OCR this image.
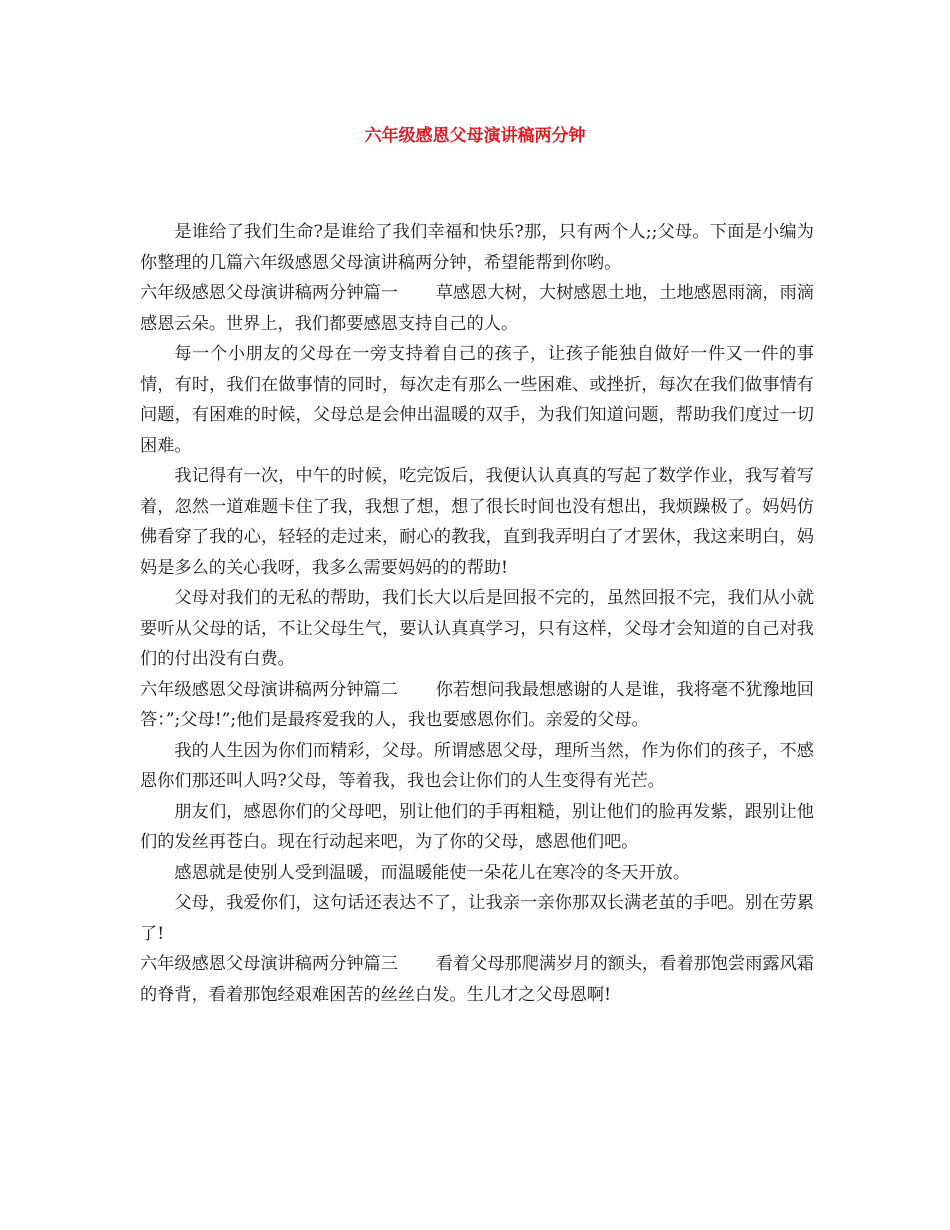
六年级感恩父母演讲稿两分钟

是谁给了我们生命?是谁给了我们幸福和快乐?那，只有两个人;;父母。下面是小编为你整理的几篇六年级感恩父母演讲稿两分钟，希望能帮到你哟。

六年级感恩父母演讲稿两分钟篇一 草感恩大树，大树感恩土地，土地感恩雨滴，雨滴感恩云朵。世界上，我们都要感恩支持自己的人。

每一个小朋友的父母在一旁支持着自己的孩子，让孩子能独自做好一件又一件的事情，有时，我们在做事情的同时，每次走有那么一些困难、或挫折，每次在我们做事情有问题，有困难的时候，父母总是会伸出温暖的双手，为我们知道问题，帮助我们度过一切困难。

我记得有一次，中午的时候，吃完饭后，我便认认真真的写起了数学作业，我写着写着，忽然一道难题卡住了我，我想了想，想了很长时间也没有想出，我烦躁极了。妈妈仿佛看穿了我的心，轻轻的走过来，耐心的教我，直到我弄明白了才罢休，我这来明白，妈妈是多么的关心我呀，我多么需要妈妈的的帮助!

父母对我们的无私的帮助，我们长大以后是回报不完的，虽然回报不完，我们从小就要听从父母的话，不让父母生气，要认认真真学习，只有这样，父母才会知道的自己对我们的付出没有白费。

六年级感恩父母演讲稿两分钟篇二 你若想问我最想感谢的人是谁，我将毫不犹豫地回答：”;父母!”;他们是最疼爱我的人，我也要感恩你们。亲爱的父母。

我的人生因为你们而精彩，父母。所谓感恩父母，理所当然，作为你们的孩子，不感恩你们那还叫人吗?父母，等着我，我也会让你们的人生变得有光芒。

朋友们，感恩你们的父母吧，别让他们的手再粗糙，别让他们的脸再发紫，跟别让他们的发丝再苍白。现在行动起来吧，为了你的父母，感恩他们吧。

感恩就是使别人受到温暖，而温暖能使一朵花儿在寒冷的冬天开放。

父母，我爱你们，这句话还表达不了，让我亲一亲你那双长满老茧的手吧。别在劳累了!

六年级感恩父母演讲稿两分钟篇三 看着父母那爬满岁月的额头，看着那饱尝雨露风霜的脊背，看着那饱经艰难困苦的丝丝白发。生儿才之父母恩啊!
